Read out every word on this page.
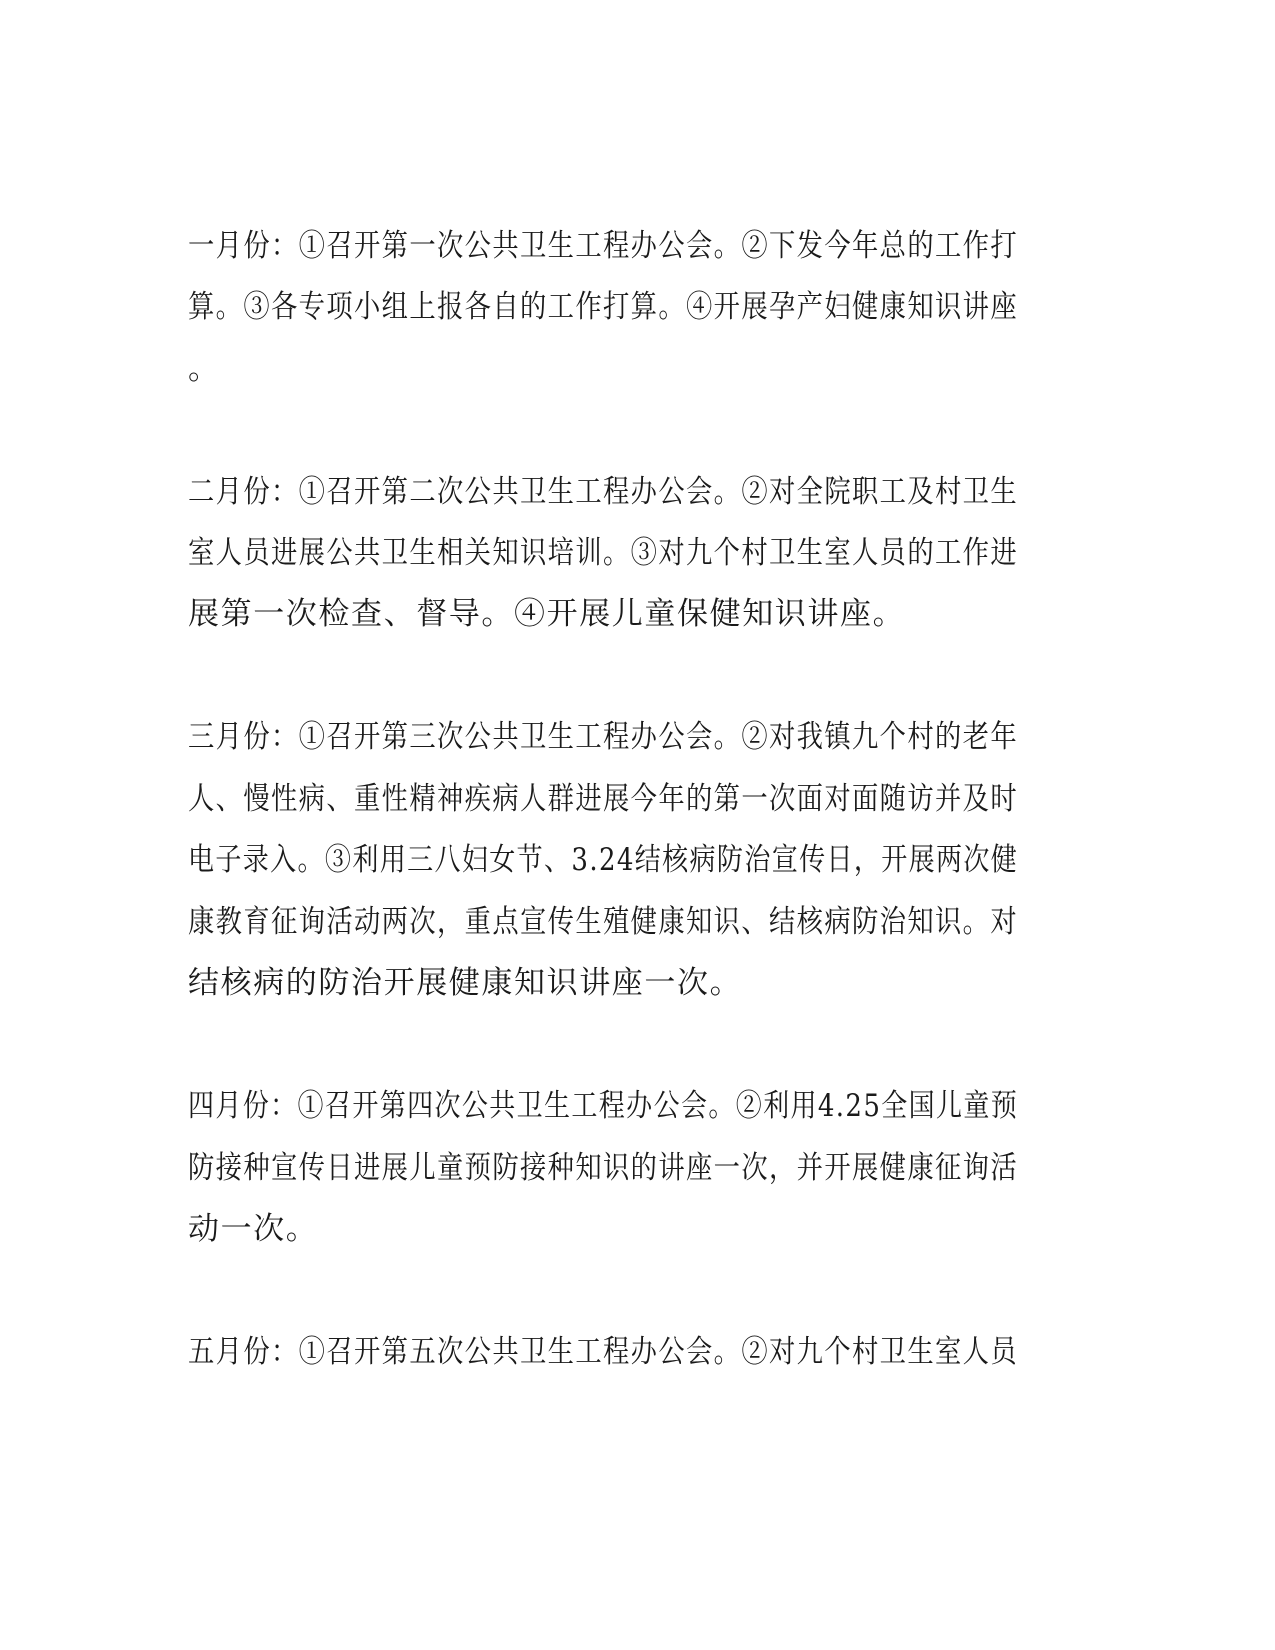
一月份：①召开第一次公共卫生工程办公会。②下发今年总的工作打
算。③各专项小组上报各自的工作打算。④开展孕产妇健康知识讲座
。
二月份：①召开第二次公共卫生工程办公会。②对全院职工及村卫生
室人员进展公共卫生相关知识培训。③对九个村卫生室人员的工作进
展第一次检查、督导。④开展儿童保健知识讲座。
三月份：①召开第三次公共卫生工程办公会。②对我镇九个村的老年
人、慢性病、重性精神疾病人群进展今年的第一次面对面随访并及时
电子录入。③利用三八妇女节、3.24结核病防治宣传日，开展两次健
康教育征询活动两次，重点宣传生殖健康知识、结核病防治知识。对
结核病的防治开展健康知识讲座一次。
四月份：①召开第四次公共卫生工程办公会。②利用4.25全国儿童预
防接种宣传日进展儿童预防接种知识的讲座一次，并开展健康征询活
动一次。
五月份：①召开第五次公共卫生工程办公会。②对九个村卫生室人员
